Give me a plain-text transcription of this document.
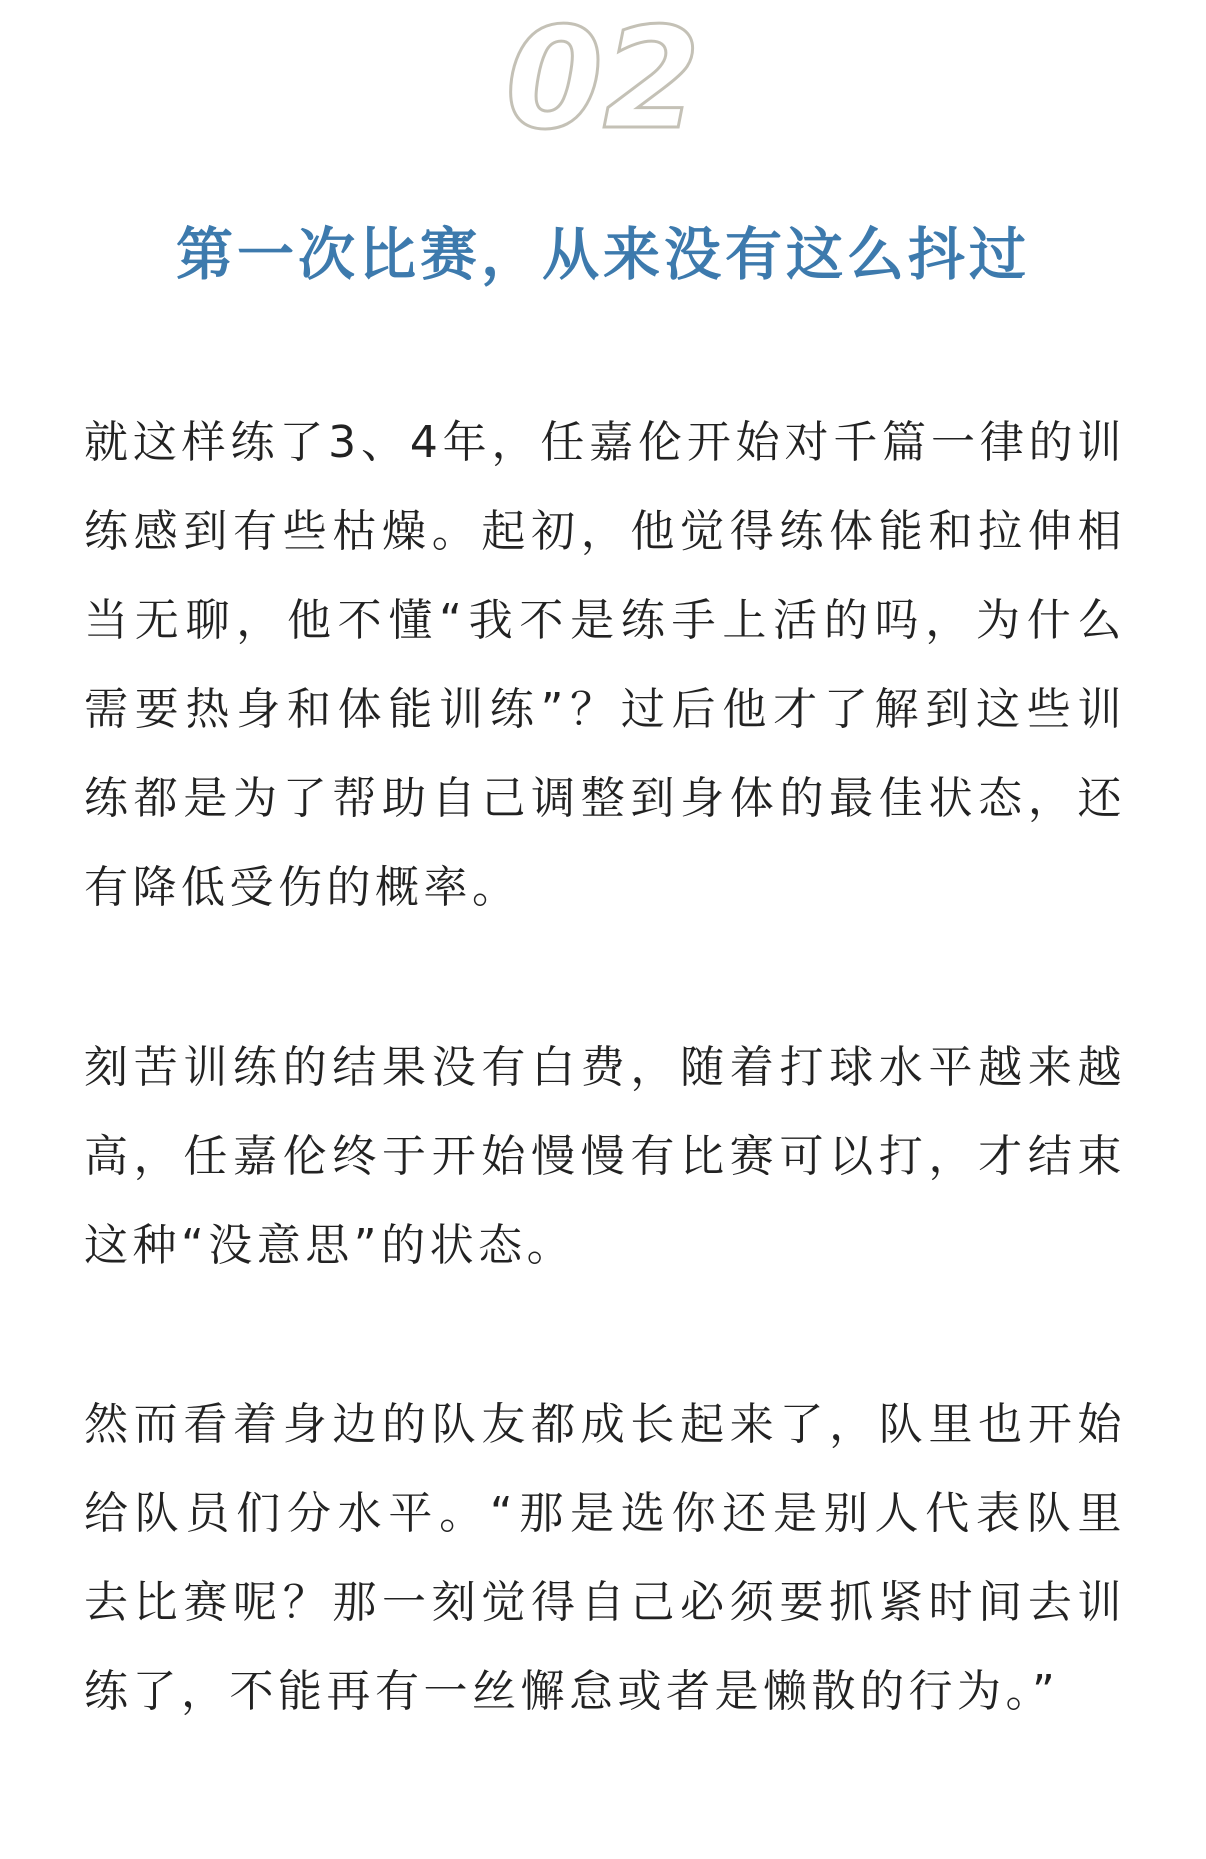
02
第一次比赛，从来没有这么抖过

就这样练了3、4年，任嘉伦开始对千篇一律的训练感到有些枯燥。起初，他觉得练体能和拉伸相当无聊，他不懂“我不是练手上活的吗，为什么需要热身和体能训练”？过后他才了解到这些训练都是为了帮助自己调整到身体的最佳状态，还有降低受伤的概率。

刻苦训练的结果没有白费，随着打球水平越来越高，任嘉伦终于开始慢慢有比赛可以打，才结束这种“没意思”的状态。

然而看着身边的队友都成长起来了，队里也开始给队员们分水平。“那是选你还是别人代表队里去比赛呢？那一刻觉得自己必须要抓紧时间去训练了，不能再有一丝懈怠或者是懒散的行为。”
